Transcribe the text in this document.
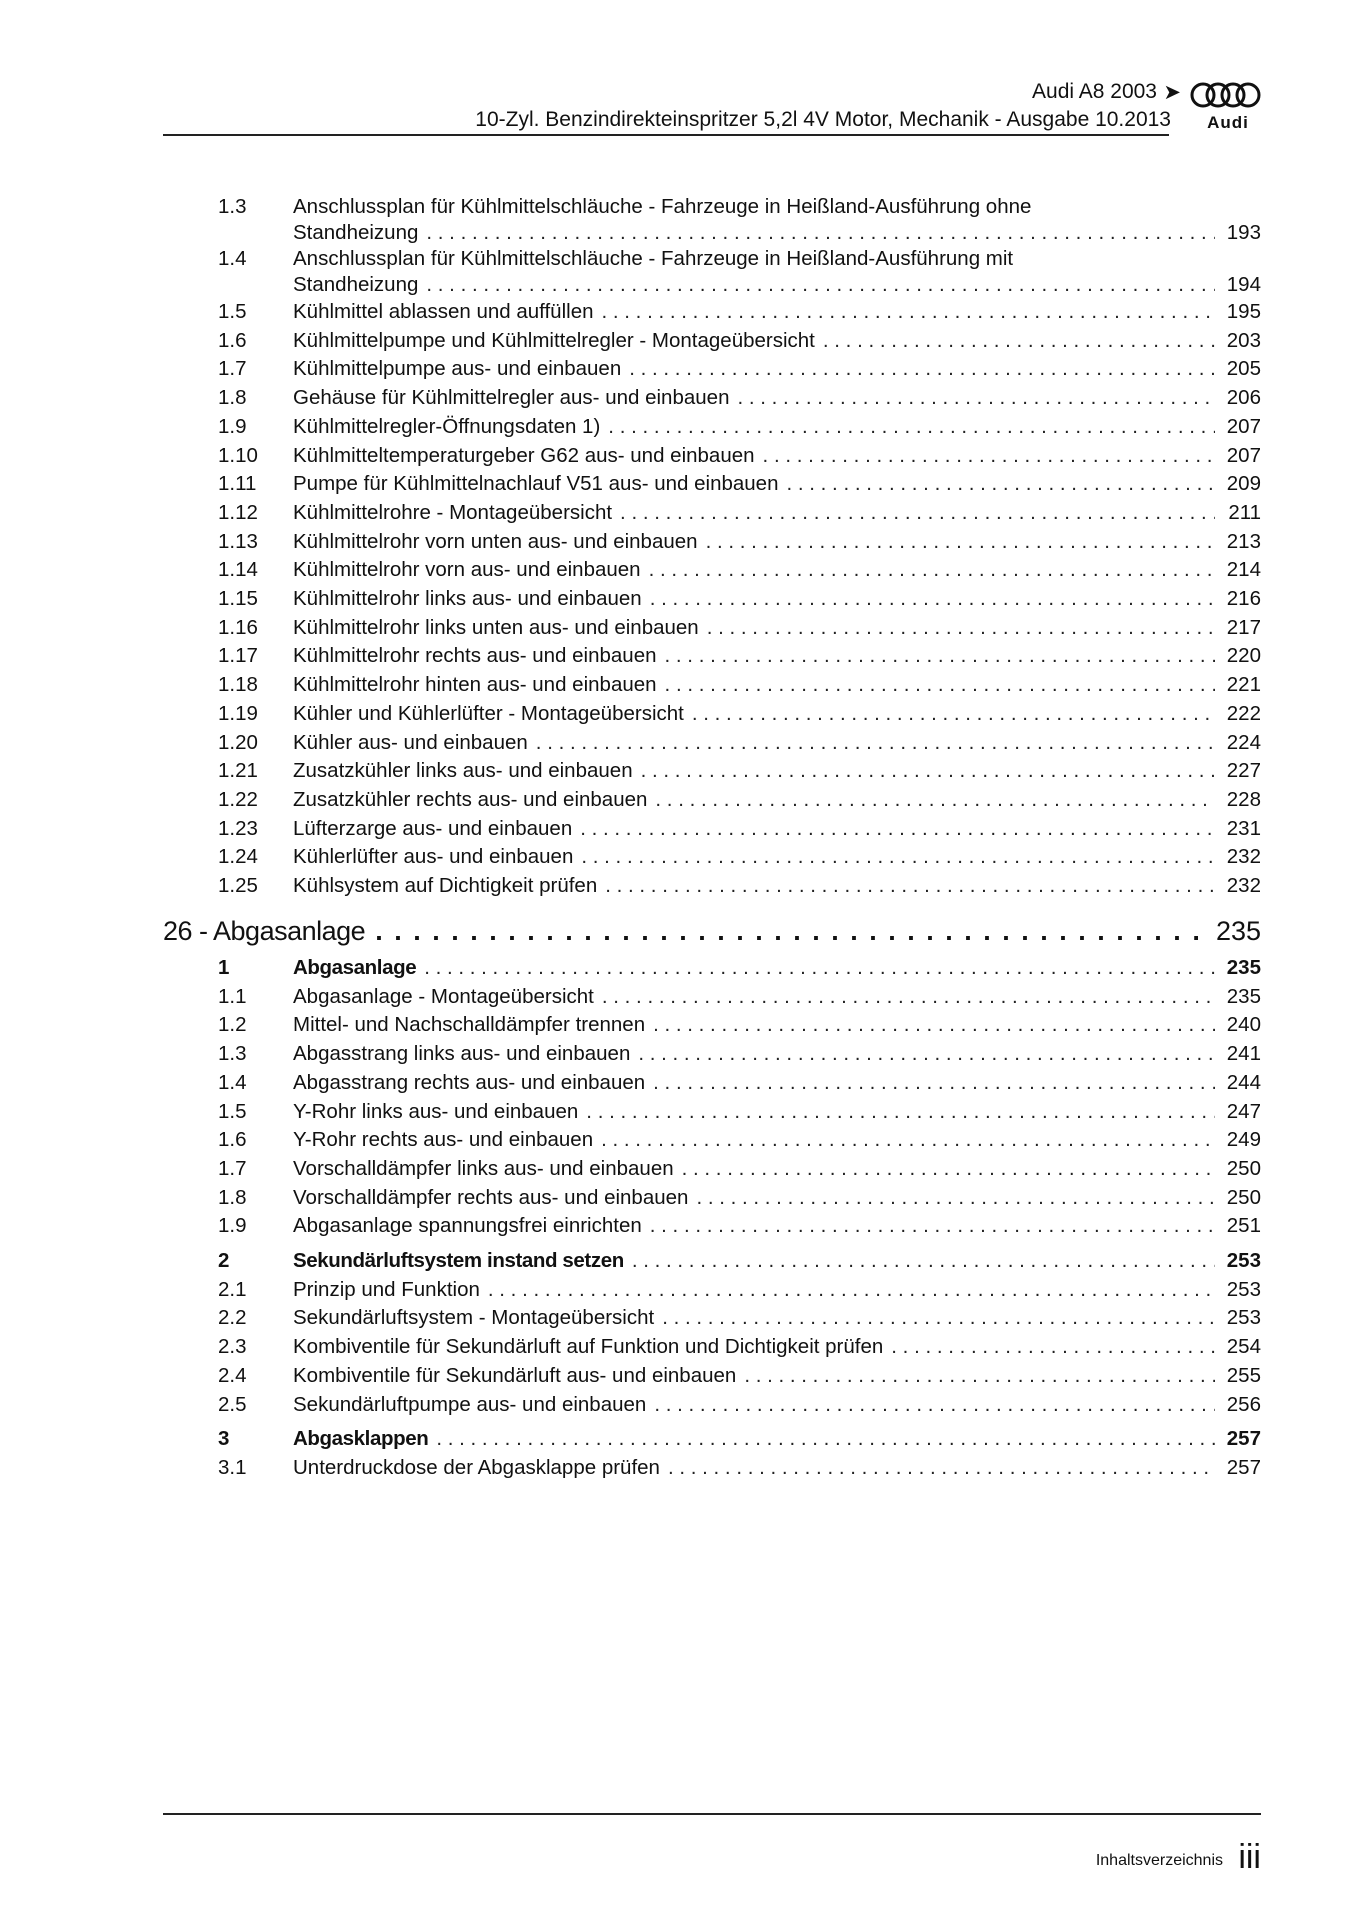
Audi A8 2003 ➤
10-Zyl. Benzindirekteinspritzer 5,2l 4V Motor, Mechanik - Ausgabe 10.2013	Audi
1.3 Anschlussplan für Kühlmittelschläuche - Fahrzeuge in Heißland-Ausführung ohne
Standheizung . . .	193
1.4 Anschlussplan für Kühlmittelschläuche - Fahrzeuge in Heißland-Ausführung mit
Standheizung . . .	194
1.5 Kühlmittel ablassen und auffüllen . . .	195
1.6 Kühlmittelpumpe und Kühlmittelregler - Montageübersicht . . .	203
1.7 Kühlmittelpumpe aus- und einbauen . . .	205
1.8 Gehäuse für Kühlmittelregler aus- und einbauen . . .	206
1.9 Kühlmittelregler-Öffnungsdaten 1) . . .	207
1.10 Kühlmitteltemperaturgeber G62 aus- und einbauen . . .	207
1.11 Pumpe für Kühlmittelnachlauf V51 aus- und einbauen . . .	209
1.12 Kühlmittelrohre - Montageübersicht . . .	211
1.13 Kühlmittelrohr vorn unten aus- und einbauen . . .	213
1.14 Kühlmittelrohr vorn aus- und einbauen . . .	214
1.15 Kühlmittelrohr links aus- und einbauen . . .	216
1.16 Kühlmittelrohr links unten aus- und einbauen . . .	217
1.17 Kühlmittelrohr rechts aus- und einbauen . . .	220
1.18 Kühlmittelrohr hinten aus- und einbauen . . .	221
1.19 Kühler und Kühlerlüfter - Montageübersicht . . .	222
1.20 Kühler aus- und einbauen . . .	224
1.21 Zusatzkühler links aus- und einbauen . . .	227
1.22 Zusatzkühler rechts aus- und einbauen . . .	228
1.23 Lüfterzarge aus- und einbauen . . .	231
1.24 Kühlerlüfter aus- und einbauen . . .	232
1.25 Kühlsystem auf Dichtigkeit prüfen . . .	232
26 - Abgasanlage . . .	235
1	Abgasanlage . . .	235
1.1 Abgasanlage - Montageübersicht . . .	235
1.2 Mittel- und Nachschalldämpfer trennen . . .	240
1.3 Abgasstrang links aus- und einbauen . . .	241
1.4 Abgasstrang rechts aus- und einbauen . . .	244
1.5 Y-Rohr links aus- und einbauen . . .	247
1.6 Y-Rohr rechts aus- und einbauen . . .	249
1.7 Vorschalldämpfer links aus- und einbauen . . .	250
1.8 Vorschalldämpfer rechts aus- und einbauen . . .	250
1.9 Abgasanlage spannungsfrei einrichten . . .	251
2	Sekundärluftsystem instand setzen . . .	253
2.1 Prinzip und Funktion . . .	253
2.2 Sekundärluftsystem - Montageübersicht . . .	253
2.3 Kombiventile für Sekundärluft auf Funktion und Dichtigkeit prüfen . . .	254
2.4 Kombiventile für Sekundärluft aus- und einbauen . . .	255
2.5 Sekundärluftpumpe aus- und einbauen . . .	256
3	Abgasklappen . . .	257
3.1 Unterdruckdose der Abgasklappe prüfen . . .	257
Inhaltsverzeichnis iii
